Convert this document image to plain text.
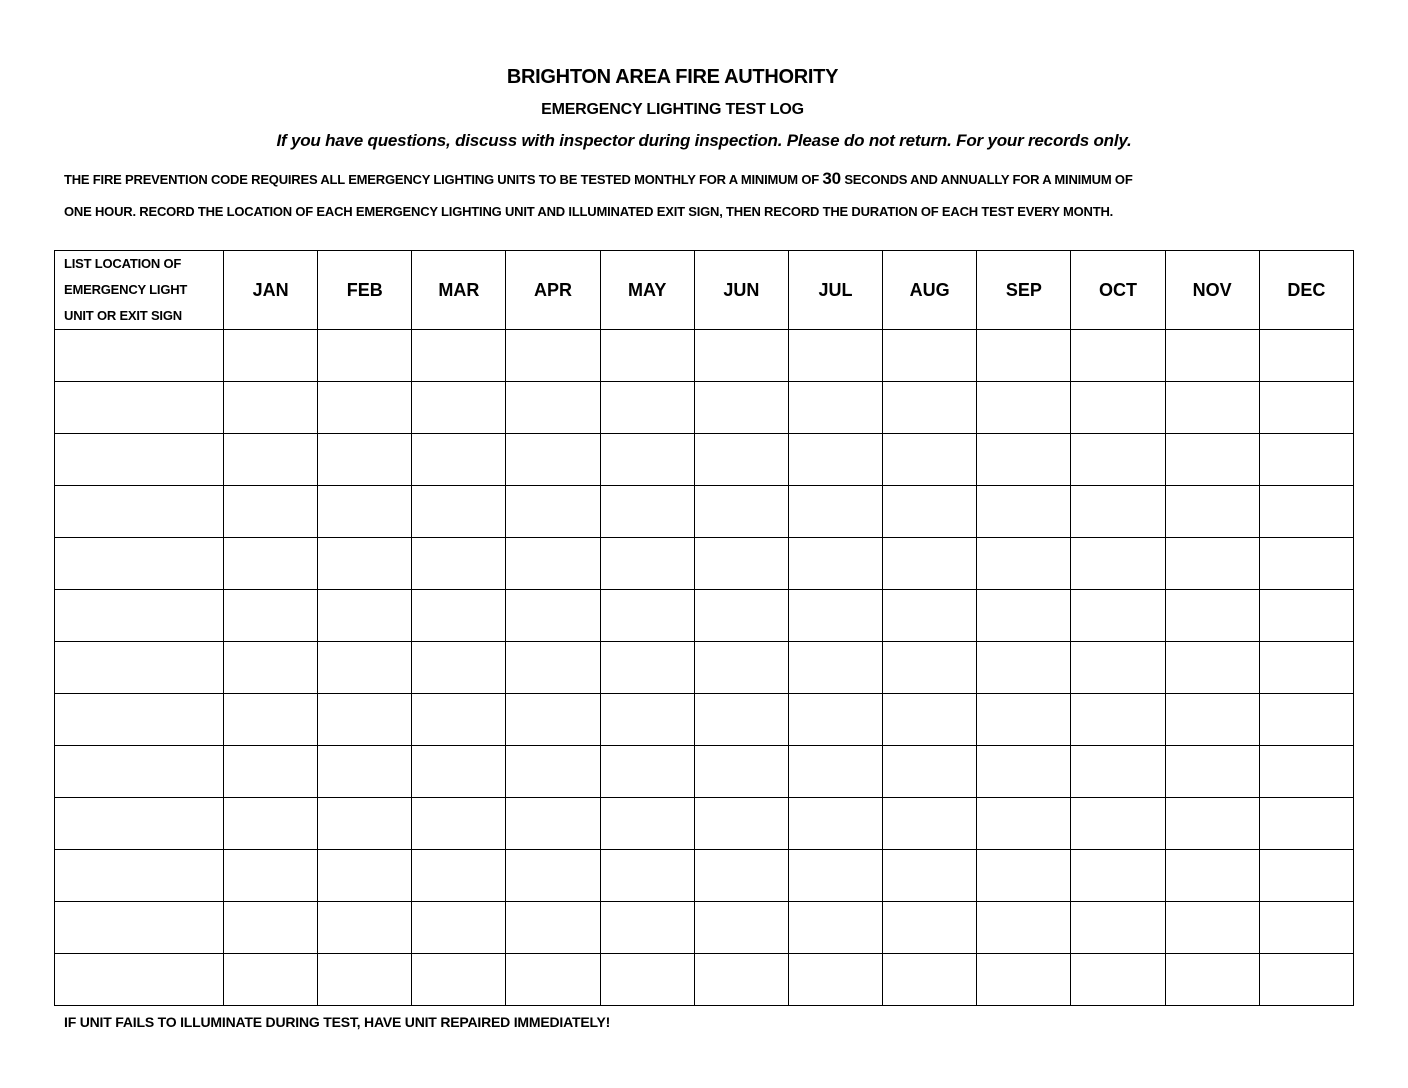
BRIGHTON AREA FIRE AUTHORITY
EMERGENCY LIGHTING TEST LOG
If you have questions, discuss with inspector during inspection. Please do not return. For your records only.
THE FIRE PREVENTION CODE REQUIRES ALL EMERGENCY LIGHTING UNITS TO BE TESTED MONTHLY FOR A MINIMUM OF 30 SECONDS AND ANNUALLY FOR A MINIMUM OF
ONE HOUR. RECORD THE LOCATION OF EACH EMERGENCY LIGHTING UNIT AND ILLUMINATED EXIT SIGN, THEN RECORD THE DURATION OF EACH TEST EVERY MONTH.
LIST LOCATION OF
EMERGENCY LIGHT
UNIT OR EXIT SIGN	JAN	FEB	MAR	APR	MAY	JUN	JUL	AUG	SEP	OCT	NOV	DEC

IF UNIT FAILS TO ILLUMINATE DURING TEST, HAVE UNIT REPAIRED IMMEDIATELY!
